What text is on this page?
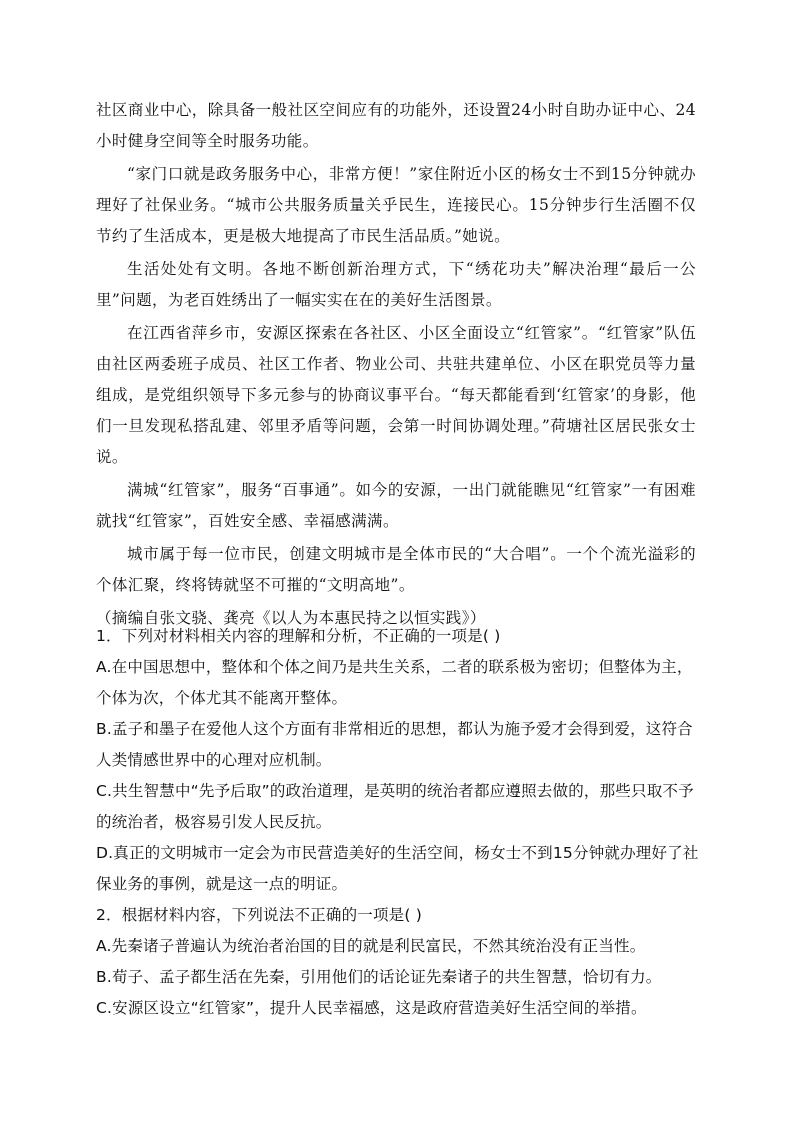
社区商业中心，除具备一般社区空间应有的功能外，还设置24小时自助办证中心、24小时健身空间等全时服务功能。

“家门口就是政务服务中心，非常方便！”家住附近小区的杨女士不到15分钟就办理好了社保业务。“城市公共服务质量关乎民生，连接民心。15分钟步行生活圈不仅节约了生活成本，更是极大地提高了市民生活品质。”她说。

生活处处有文明。各地不断创新治理方式，下“绣花功夫”解决治理“最后一公里”问题，为老百姓绣出了一幅实实在在的美好生活图景。

在江西省萍乡市，安源区探索在各社区、小区全面设立“红管家”。“红管家”队伍由社区两委班子成员、社区工作者、物业公司、共驻共建单位、小区在职党员等力量组成，是党组织领导下多元参与的协商议事平台。“每天都能看到‘红管家’的身影，他们一旦发现私搭乱建、邻里矛盾等问题，会第一时间协调处理。”荷塘社区居民张女士说。

满城“红管家”，服务“百事通”。如今的安源，一出门就能瞧见“红管家”一有困难就找“红管家”，百姓安全感、幸福感满满。

城市属于每一位市民，创建文明城市是全体市民的“大合唱”。一个个流光溢彩的个体汇聚，终将铸就坚不可摧的“文明高地”。

（摘编自张文骁、龚亮《以人为本惠民持之以恒实践》）

1．下列对材料相关内容的理解和分析，不正确的一项是( )

A.在中国思想中，整体和个体之间乃是共生关系，二者的联系极为密切；但整体为主，个体为次，个体尤其不能离开整体。

B.孟子和墨子在爱他人这个方面有非常相近的思想，都认为施予爱才会得到爱，这符合人类情感世界中的心理对应机制。

C.共生智慧中“先予后取”的政治道理，是英明的统治者都应遵照去做的，那些只取不予的统治者，极容易引发人民反抗。

D.真正的文明城市一定会为市民营造美好的生活空间，杨女士不到15分钟就办理好了社保业务的事例，就是这一点的明证。

2．根据材料内容，下列说法不正确的一项是( )

A.先秦诸子普遍认为统治者治国的目的就是利民富民，不然其统治没有正当性。

B.荀子、孟子都生活在先秦，引用他们的话论证先秦诸子的共生智慧，恰切有力。

C.安源区设立“红管家”，提升人民幸福感，这是政府营造美好生活空间的举措。
